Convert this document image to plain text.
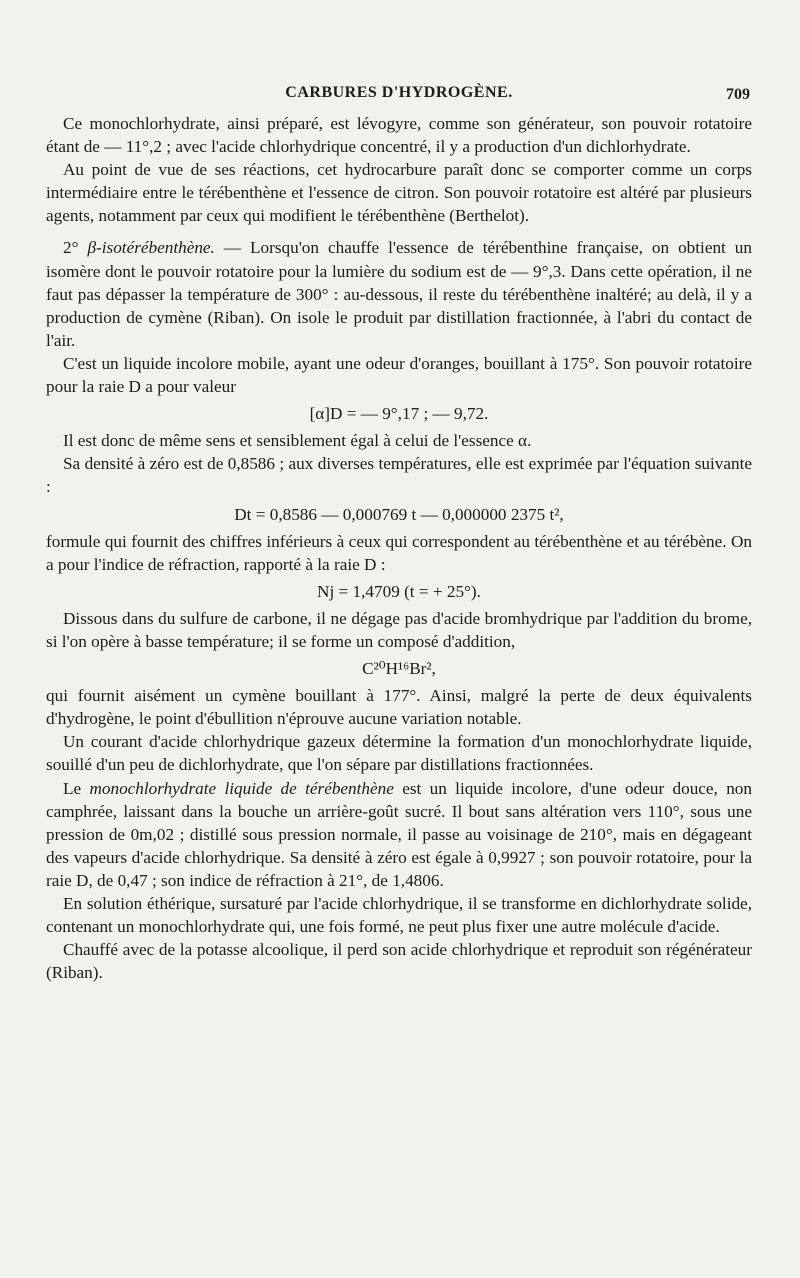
CARBURES D'HYDROGÈNE.	709

Ce monochlorhydrate, ainsi préparé, est lévogyre, comme son générateur, son pouvoir rotatoire étant de — 11°,2 ; avec l'acide chlorhydrique concentré, il y a production d'un dichlorhydrate.

Au point de vue de ses réactions, cet hydrocarbure paraît donc se comporter comme un corps intermédiaire entre le térébenthène et l'essence de citron. Son pouvoir rotatoire est altéré par plusieurs agents, notamment par ceux qui modifient le térébenthène (Berthelot).

2° β-isotérébenthène. — Lorsqu'on chauffe l'essence de térébenthine française, on obtient un isomère dont le pouvoir rotatoire pour la lumière du sodium est de — 9°,3. Dans cette opération, il ne faut pas dépasser la température de 300° : au-dessous, il reste du térébenthène inaltéré; au delà, il y a production de cymène (Riban). On isole le produit par distillation fractionnée, à l'abri du contact de l'air.

C'est un liquide incolore mobile, ayant une odeur d'oranges, bouillant à 175°. Son pouvoir rotatoire pour la raie D a pour valeur

[α]D = — 9°,17 ; — 9,72.

Il est donc de même sens et sensiblement égal à celui de l'essence α.

Sa densité à zéro est de 0,8586 ; aux diverses températures, elle est exprimée par l'équation suivante :

Dt = 0,8586 — 0,000769 t — 0,000000 2375 t²,

formule qui fournit des chiffres inférieurs à ceux qui correspondent au térébenthène et au térébène. On a pour l'indice de réfraction, rapporté à la raie D :

Nj = 1,4709 (t = + 25°).

Dissous dans du sulfure de carbone, il ne dégage pas d'acide bromhydrique par l'addition du brome, si l'on opère à basse température; il se forme un composé d'addition,

C²⁰H¹⁶Br²,

qui fournit aisément un cymène bouillant à 177°. Ainsi, malgré la perte de deux équivalents d'hydrogène, le point d'ébullition n'éprouve aucune variation notable.

Un courant d'acide chlorhydrique gazeux détermine la formation d'un monochlorhydrate liquide, souillé d'un peu de dichlorhydrate, que l'on sépare par distillations fractionnées.

Le monochlorhydrate liquide de térébenthène est un liquide incolore, d'une odeur douce, non camphrée, laissant dans la bouche un arrière-goût sucré. Il bout sans altération vers 110°, sous une pression de 0m,02 ; distillé sous pression normale, il passe au voisinage de 210°, mais en dégageant des vapeurs d'acide chlorhydrique. Sa densité à zéro est égale à 0,9927 ; son pouvoir rotatoire, pour la raie D, de 0,47 ; son indice de réfraction à 21°, de 1,4806.

En solution éthérique, sursaturé par l'acide chlorhydrique, il se transforme en dichlorhydrate solide, contenant un monochlorhydrate qui, une fois formé, ne peut plus fixer une autre molécule d'acide.

Chauffé avec de la potasse alcoolique, il perd son acide chlorhydrique et reproduit son régénérateur (Riban).
